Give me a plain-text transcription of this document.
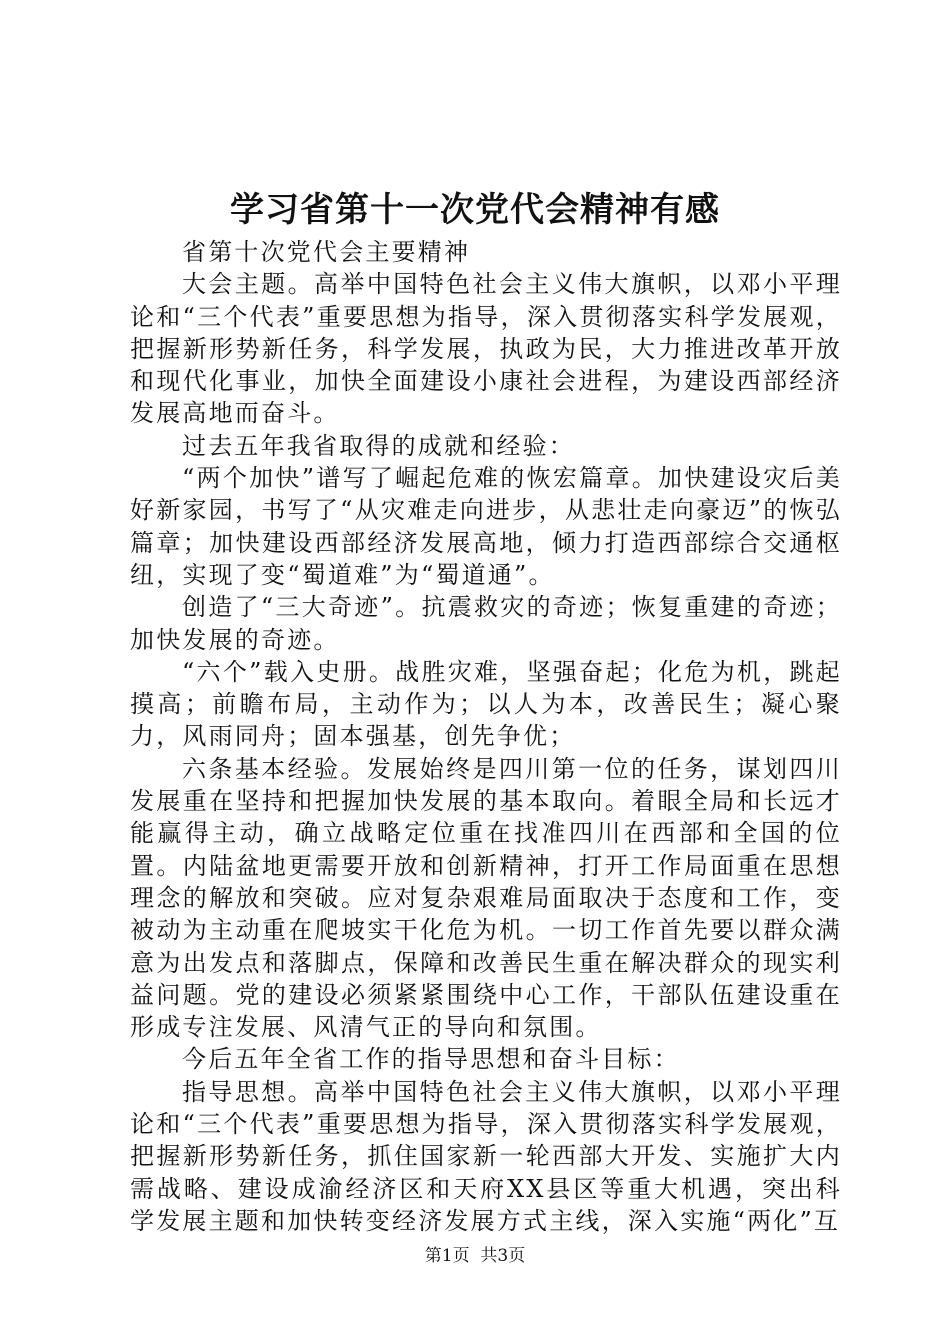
学习省第十一次党代会精神有感

省第十次党代会主要精神

大会主题。高举中国特色社会主义伟大旗帜，以邓小平理论和“三个代表”重要思想为指导，深入贯彻落实科学发展观，把握新形势新任务，科学发展，执政为民，大力推进改革开放和现代化事业，加快全面建设小康社会进程，为建设西部经济发展高地而奋斗。

过去五年我省取得的成就和经验：

“两个加快”谱写了崛起危难的恢宏篇章。加快建设灾后美好新家园，书写了“从灾难走向进步，从悲壮走向豪迈”的恢弘篇章；加快建设西部经济发展高地，倾力打造西部综合交通枢纽，实现了变“蜀道难”为“蜀道通”。

创造了“三大奇迹”。抗震救灾的奇迹；恢复重建的奇迹；加快发展的奇迹。

“六个”载入史册。战胜灾难，坚强奋起；化危为机，跳起摸高；前瞻布局，主动作为；以人为本，改善民生；凝心聚力，风雨同舟；固本强基，创先争优；

六条基本经验。发展始终是四川第一位的任务，谋划四川发展重在坚持和把握加快发展的基本取向。着眼全局和长远才能赢得主动，确立战略定位重在找准四川在西部和全国的位置。内陆盆地更需要开放和创新精神，打开工作局面重在思想理念的解放和突破。应对复杂艰难局面取决于态度和工作，变被动为主动重在爬坡实干化危为机。一切工作首先要以群众满意为出发点和落脚点，保障和改善民生重在解决群众的现实利益问题。党的建设必须紧紧围绕中心工作，干部队伍建设重在形成专注发展、风清气正的导向和氛围。

今后五年全省工作的指导思想和奋斗目标：

指导思想。高举中国特色社会主义伟大旗帜，以邓小平理论和“三个代表”重要思想为指导，深入贯彻落实科学发展观，把握新形势新任务，抓住国家新一轮西部大开发、实施扩大内需战略、建设成渝经济区和天府XX县区等重大机遇，突出科学发展主题和加快转变经济发展方式主线，深入实施“两化”互

第1页 共3页
